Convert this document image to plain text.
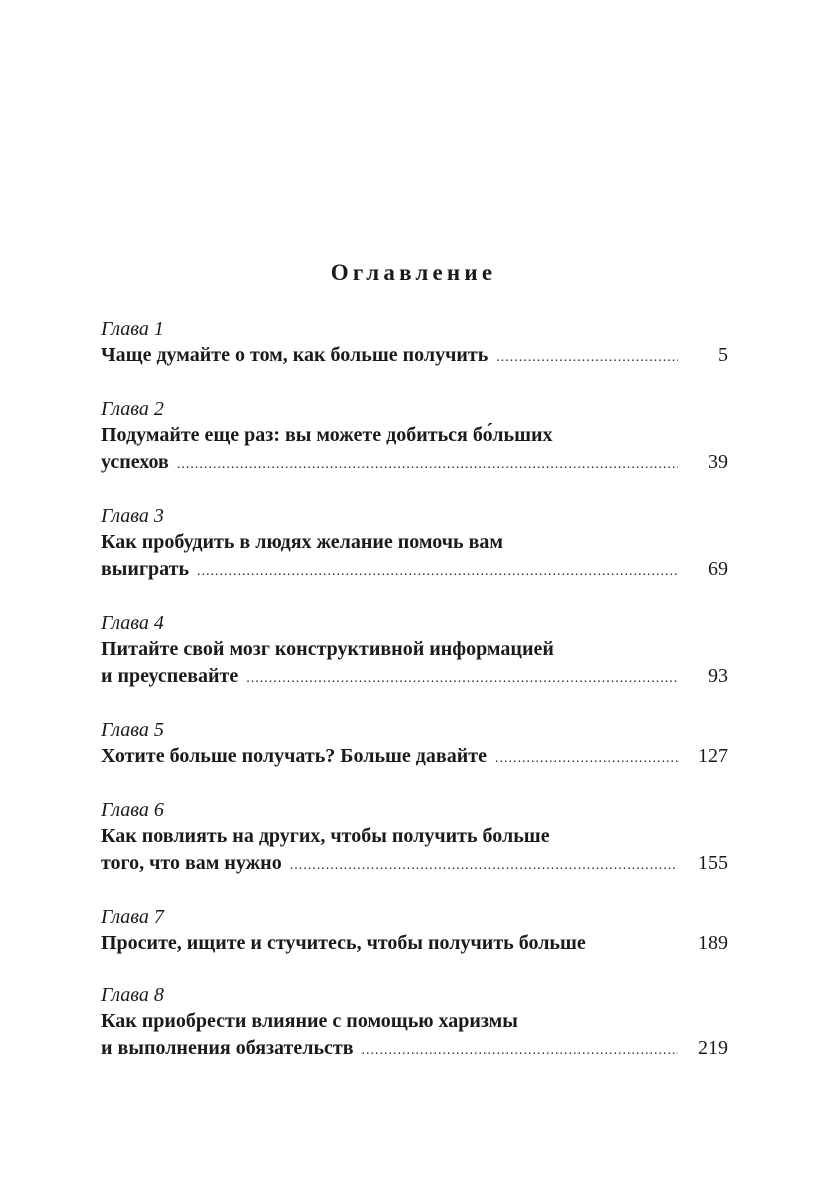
Оглавление
Глава 1
Чаще думайте о том, как больше получить .....	5
Глава 2
Подумайте еще раз: вы можете добиться бо́льших
успехов .....	39
Глава 3
Как пробудить в людях желание помочь вам
выиграть .....	69
Глава 4
Питайте свой мозг конструктивной информацией
и преуспевайте .....	93
Глава 5
Хотите больше получать? Больше давайте .....	127
Глава 6
Как повлиять на других, чтобы получить больше
того, что вам нужно .....	155
Глава 7
Просите, ищите и стучитесь, чтобы получить больше	189
Глава 8
Как приобрести влияние с помощью харизмы
и выполнения обязательств .....	219
